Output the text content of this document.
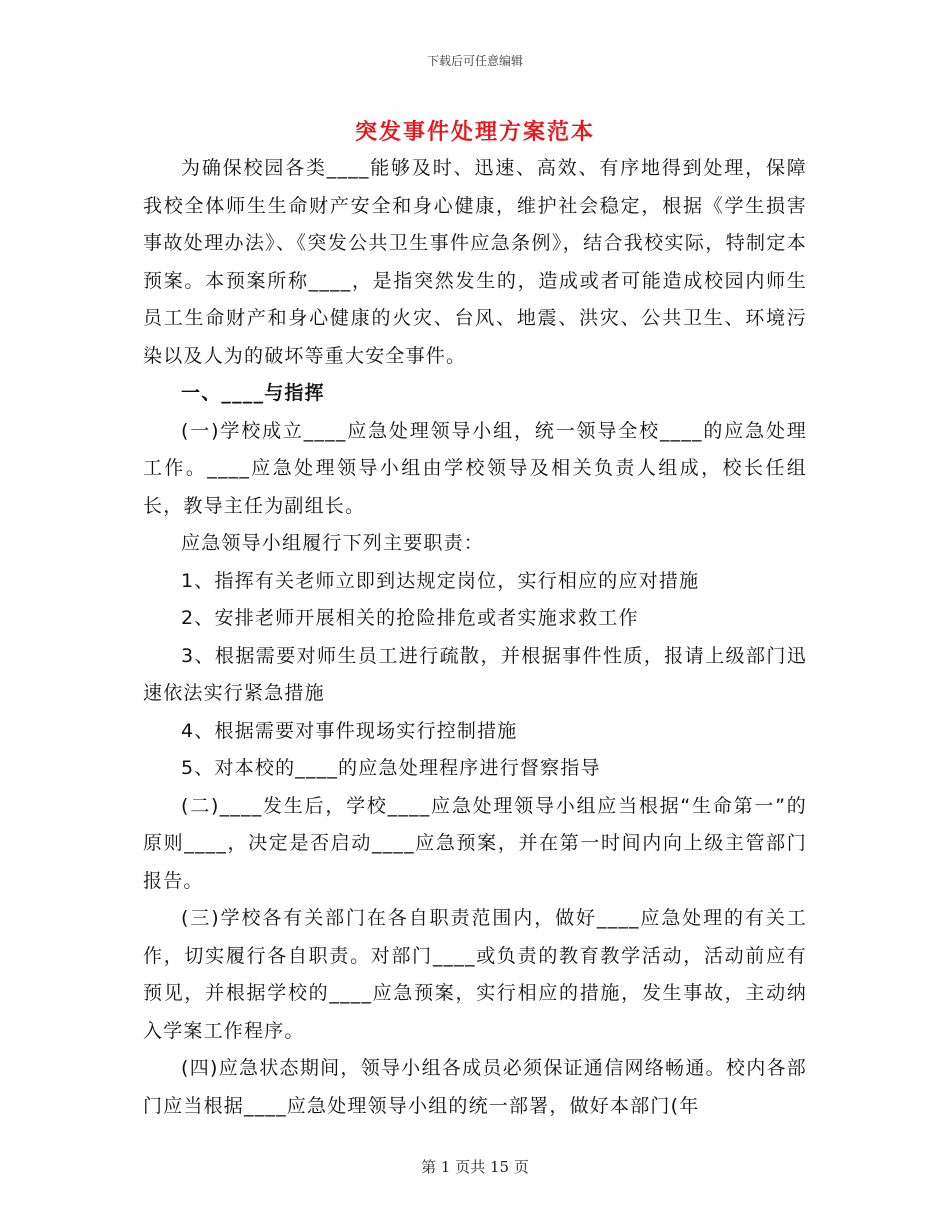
下载后可任意编辑
突发事件处理方案范本

为确保校园各类____能够及时、迅速、高效、有序地得到处理，保障我校全体师生生命财产安全和身心健康，维护社会稳定，根据《学生损害事故处理办法》、《突发公共卫生事件应急条例》，结合我校实际，特制定本预案。本预案所称____，是指突然发生的，造成或者可能造成校园内师生员工生命财产和身心健康的火灾、台风、地震、洪灾、公共卫生、环境污染以及人为的破坏等重大安全事件。

一、____与指挥

(一)学校成立____应急处理领导小组，统一领导全校____的应急处理工作。____应急处理领导小组由学校领导及相关负责人组成，校长任组长，教导主任为副组长。

应急领导小组履行下列主要职责：

1、指挥有关老师立即到达规定岗位，实行相应的应对措施

2、安排老师开展相关的抢险排危或者实施求救工作

3、根据需要对师生员工进行疏散，并根据事件性质，报请上级部门迅速依法实行紧急措施

4、根据需要对事件现场实行控制措施

5、对本校的____的应急处理程序进行督察指导

(二)____发生后，学校____应急处理领导小组应当根据“生命第一”的原则____，决定是否启动____应急预案，并在第一时间内向上级主管部门报告。

(三)学校各有关部门在各自职责范围内，做好____应急处理的有关工作，切实履行各自职责。对部门____或负责的教育教学活动，活动前应有预见，并根据学校的____应急预案，实行相应的措施，发生事故，主动纳入学案工作程序。

(四)应急状态期间，领导小组各成员必须保证通信网络畅通。校内各部门应当根据____应急处理领导小组的统一部署，做好本部门(年

第 1 页共 15 页
